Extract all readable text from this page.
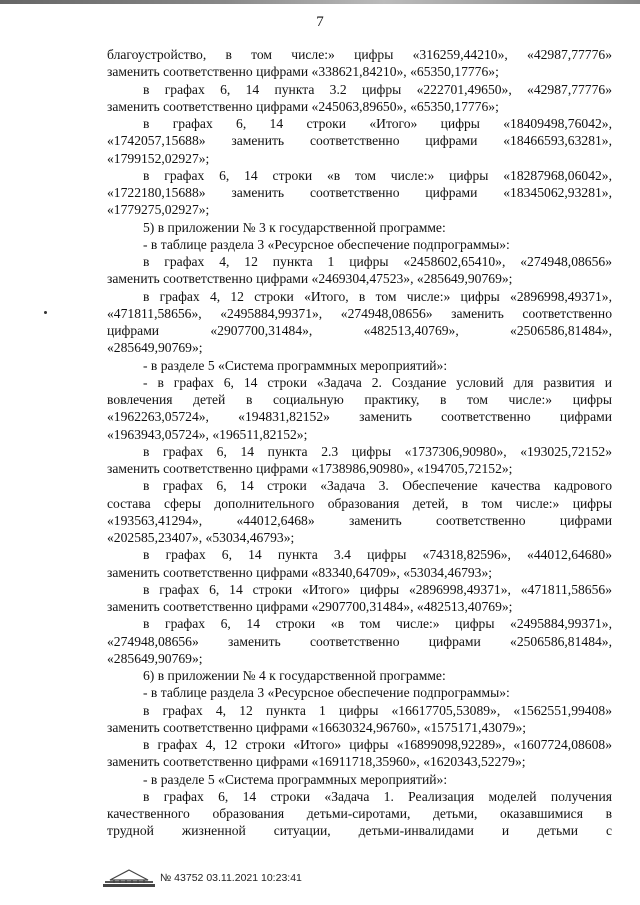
7

благоустройство, в том числе:» цифры «316259,44210», «42987,77776»

заменить соответственно цифрами «338621,84210», «65350,17776»;

в графах 6, 14 пункта 3.2 цифры «222701,49650», «42987,77776»

заменить соответственно цифрами «245063,89650», «65350,17776»;

в графах 6, 14 строки «Итого» цифры «18409498,76042»,

«1742057,15688» заменить соответственно цифрами «18466593,63281»,

«1799152,02927»;

в графах 6, 14 строки «в том числе:» цифры «18287968,06042»,

«1722180,15688» заменить соответственно цифрами «18345062,93281»,

«1779275,02927»;

5) в приложении № 3 к государственной программе:

- в таблице раздела 3 «Ресурсное обеспечение подпрограммы»:

в графах 4, 12 пункта 1 цифры «2458602,65410», «274948,08656»

заменить соответственно цифрами «2469304,47523», «285649,90769»;

в графах 4, 12 строки «Итого, в том числе:» цифры «2896998,49371»,

«471811,58656», «2495884,99371», «274948,08656» заменить соответственно

цифрами «2907700,31484», «482513,40769», «2506586,81484»,

«285649,90769»;

- в разделе 5 «Система программных мероприятий»:

- в графах 6, 14 строки «Задача 2. Создание условий для развития и

вовлечения детей в социальную практику, в том числе:» цифры

«1962263,05724», «194831,82152» заменить соответственно цифрами

«1963943,05724», «196511,82152»;

в графах 6, 14 пункта 2.3 цифры «1737306,90980», «193025,72152»

заменить соответственно цифрами «1738986,90980», «194705,72152»;

в графах 6, 14 строки «Задача 3. Обеспечение качества кадрового

состава сферы дополнительного образования детей, в том числе:» цифры

«193563,41294», «44012,6468» заменить соответственно цифрами

«202585,23407», «53034,46793»;

в графах 6, 14 пункта 3.4 цифры «74318,82596», «44012,64680»

заменить соответственно цифрами «83340,64709», «53034,46793»;

в графах 6, 14 строки «Итого» цифры «2896998,49371», «471811,58656»

заменить соответственно цифрами «2907700,31484», «482513,40769»;

в графах 6, 14 строки «в том числе:» цифры «2495884,99371»,

«274948,08656» заменить соответственно цифрами «2506586,81484»,

«285649,90769»;

6) в приложении № 4 к государственной программе:

- в таблице раздела 3 «Ресурсное обеспечение подпрограммы»:

в графах 4, 12 пункта 1 цифры «16617705,53089», «1562551,99408»

заменить соответственно цифрами «16630324,96760», «1575171,43079»;

в графах 4, 12 строки «Итого» цифры «16899098,92289», «1607724,08608»

заменить соответственно цифрами «16911718,35960», «1620343,52279»;

- в разделе 5 «Система программных мероприятий»:

в графах 6, 14 строки «Задача 1. Реализация моделей получения

качественного образования детьми-сиротами, детьми, оказавшимися в

трудной жизненной ситуации, детьми-инвалидами и детьми с

№ 43752 03.11.2021 10:23:41
